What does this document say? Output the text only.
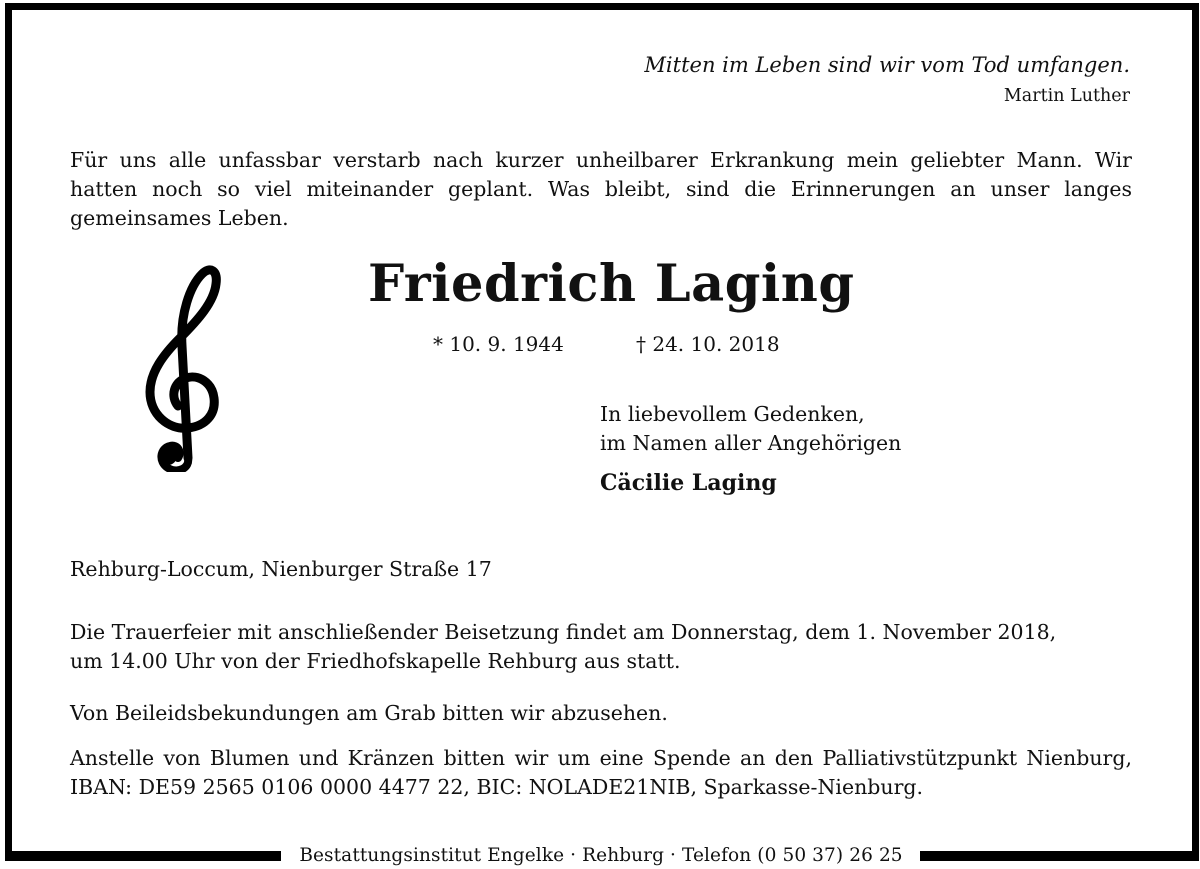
Bestattungsinstitut Engelke · Rehburg · Telefon (0 50 37) 26 25
Mitten im Leben sind wir vom Tod umfangen.
Martin Luther
Für uns alle unfassbar verstarb nach kurzer unheilbarer Erkrankung mein geliebter Mann. Wir hatten noch so viel miteinander geplant. Was bleibt, sind die Erinnerungen an unser langes gemeinsames Leben.
Friedrich Laging
* 10. 9. 1944	† 24. 10. 2018

In liebevollem Gedenken,

im Namen aller Angehörigen

Cäcilie Laging
Rehburg-Loccum, Nienburger Straße 17

Die Trauerfeier mit anschließender Beisetzung findet am Donnerstag, dem 1. November 2018,

um 14.00 Uhr von der Friedhofskapelle Rehburg aus statt.

Von Beileidsbekundungen am Grab bitten wir abzusehen.
Anstelle von Blumen und Kränzen bitten wir um eine Spende an den Palliativstützpunkt Nienburg, IBAN: DE59 2565 0106 0000 4477 22, BIC: NOLADE21NIB, Sparkasse-Nienburg.
